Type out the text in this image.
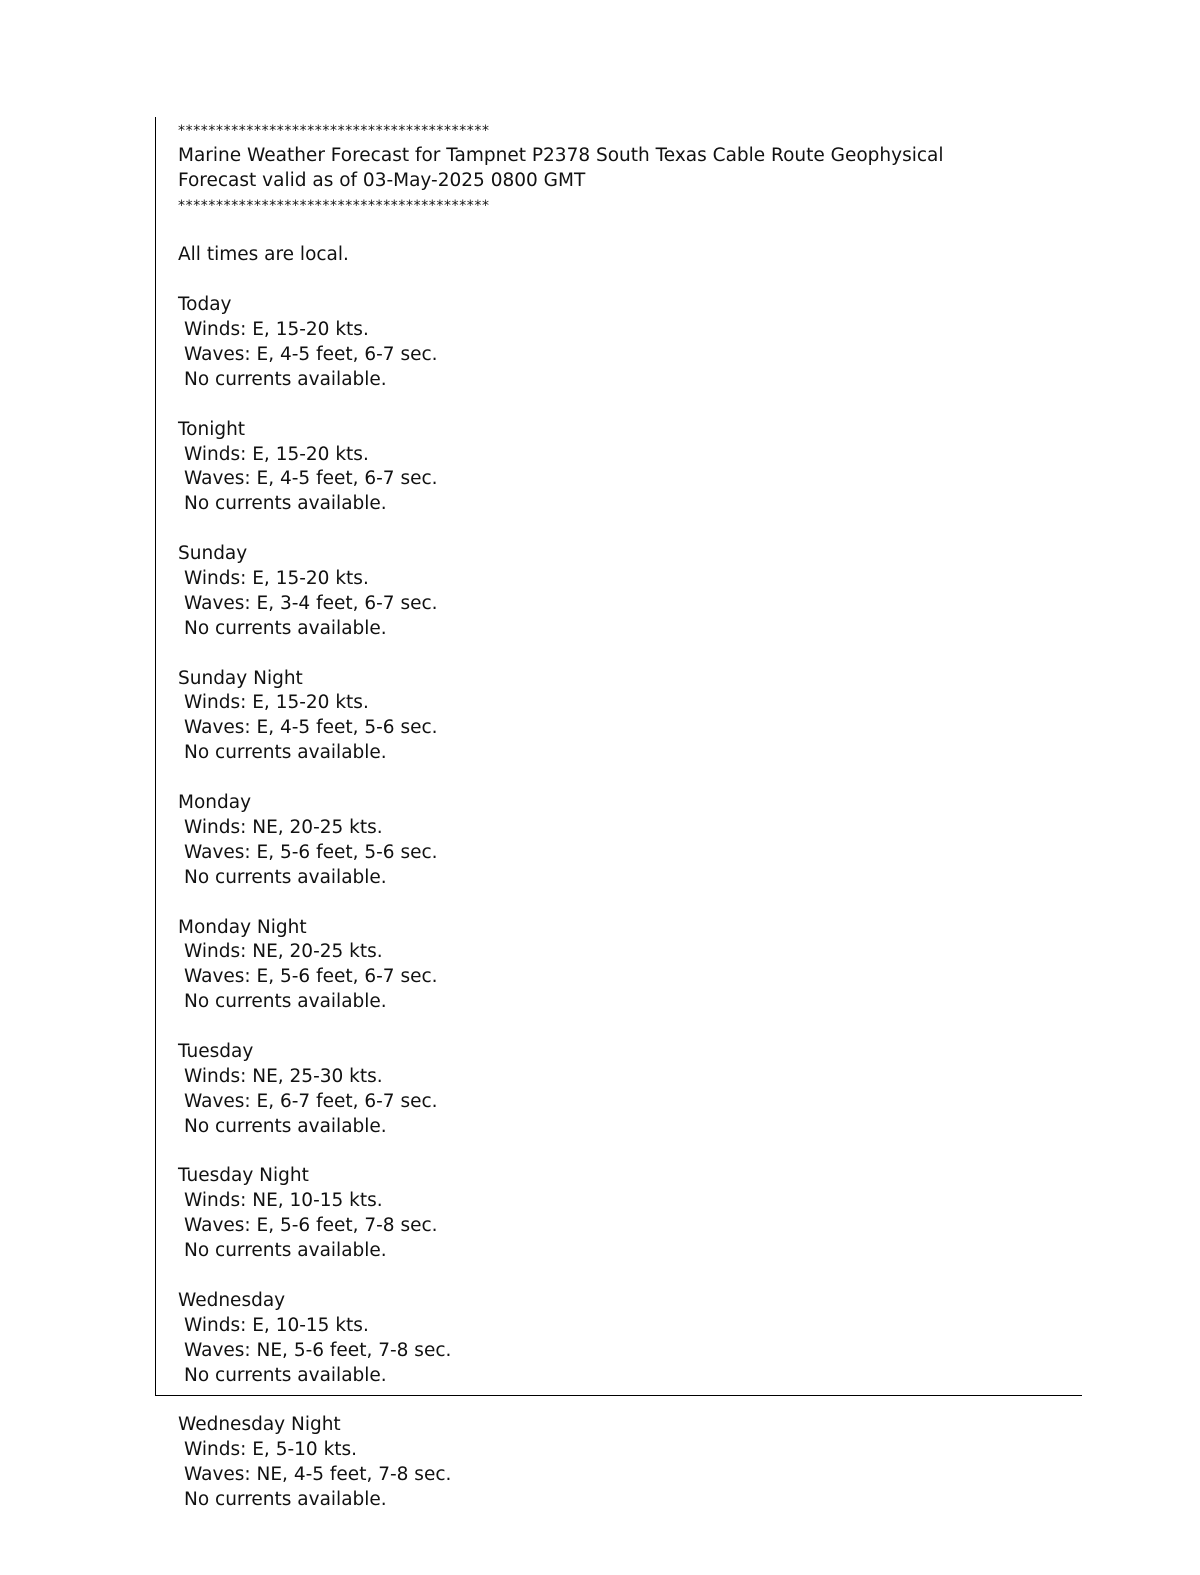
*****************************************
Marine Weather Forecast for Tampnet P2378 South Texas Cable Route Geophysical
Forecast valid as of 03-May-2025 0800 GMT
*****************************************
All times are local.
Today
Winds: E, 15-20 kts.
Waves: E, 4-5 feet, 6-7 sec.
No currents available.
Tonight
Winds: E, 15-20 kts.
Waves: E, 4-5 feet, 6-7 sec.
No currents available.
Sunday
Winds: E, 15-20 kts.
Waves: E, 3-4 feet, 6-7 sec.
No currents available.
Sunday Night
Winds: E, 15-20 kts.
Waves: E, 4-5 feet, 5-6 sec.
No currents available.
Monday
Winds: NE, 20-25 kts.
Waves: E, 5-6 feet, 5-6 sec.
No currents available.
Monday Night
Winds: NE, 20-25 kts.
Waves: E, 5-6 feet, 6-7 sec.
No currents available.
Tuesday
Winds: NE, 25-30 kts.
Waves: E, 6-7 feet, 6-7 sec.
No currents available.
Tuesday Night
Winds: NE, 10-15 kts.
Waves: E, 5-6 feet, 7-8 sec.
No currents available.
Wednesday
Winds: E, 10-15 kts.
Waves: NE, 5-6 feet, 7-8 sec.
No currents available.
Wednesday Night
Winds: E, 5-10 kts.
Waves: NE, 4-5 feet, 7-8 sec.
No currents available.
